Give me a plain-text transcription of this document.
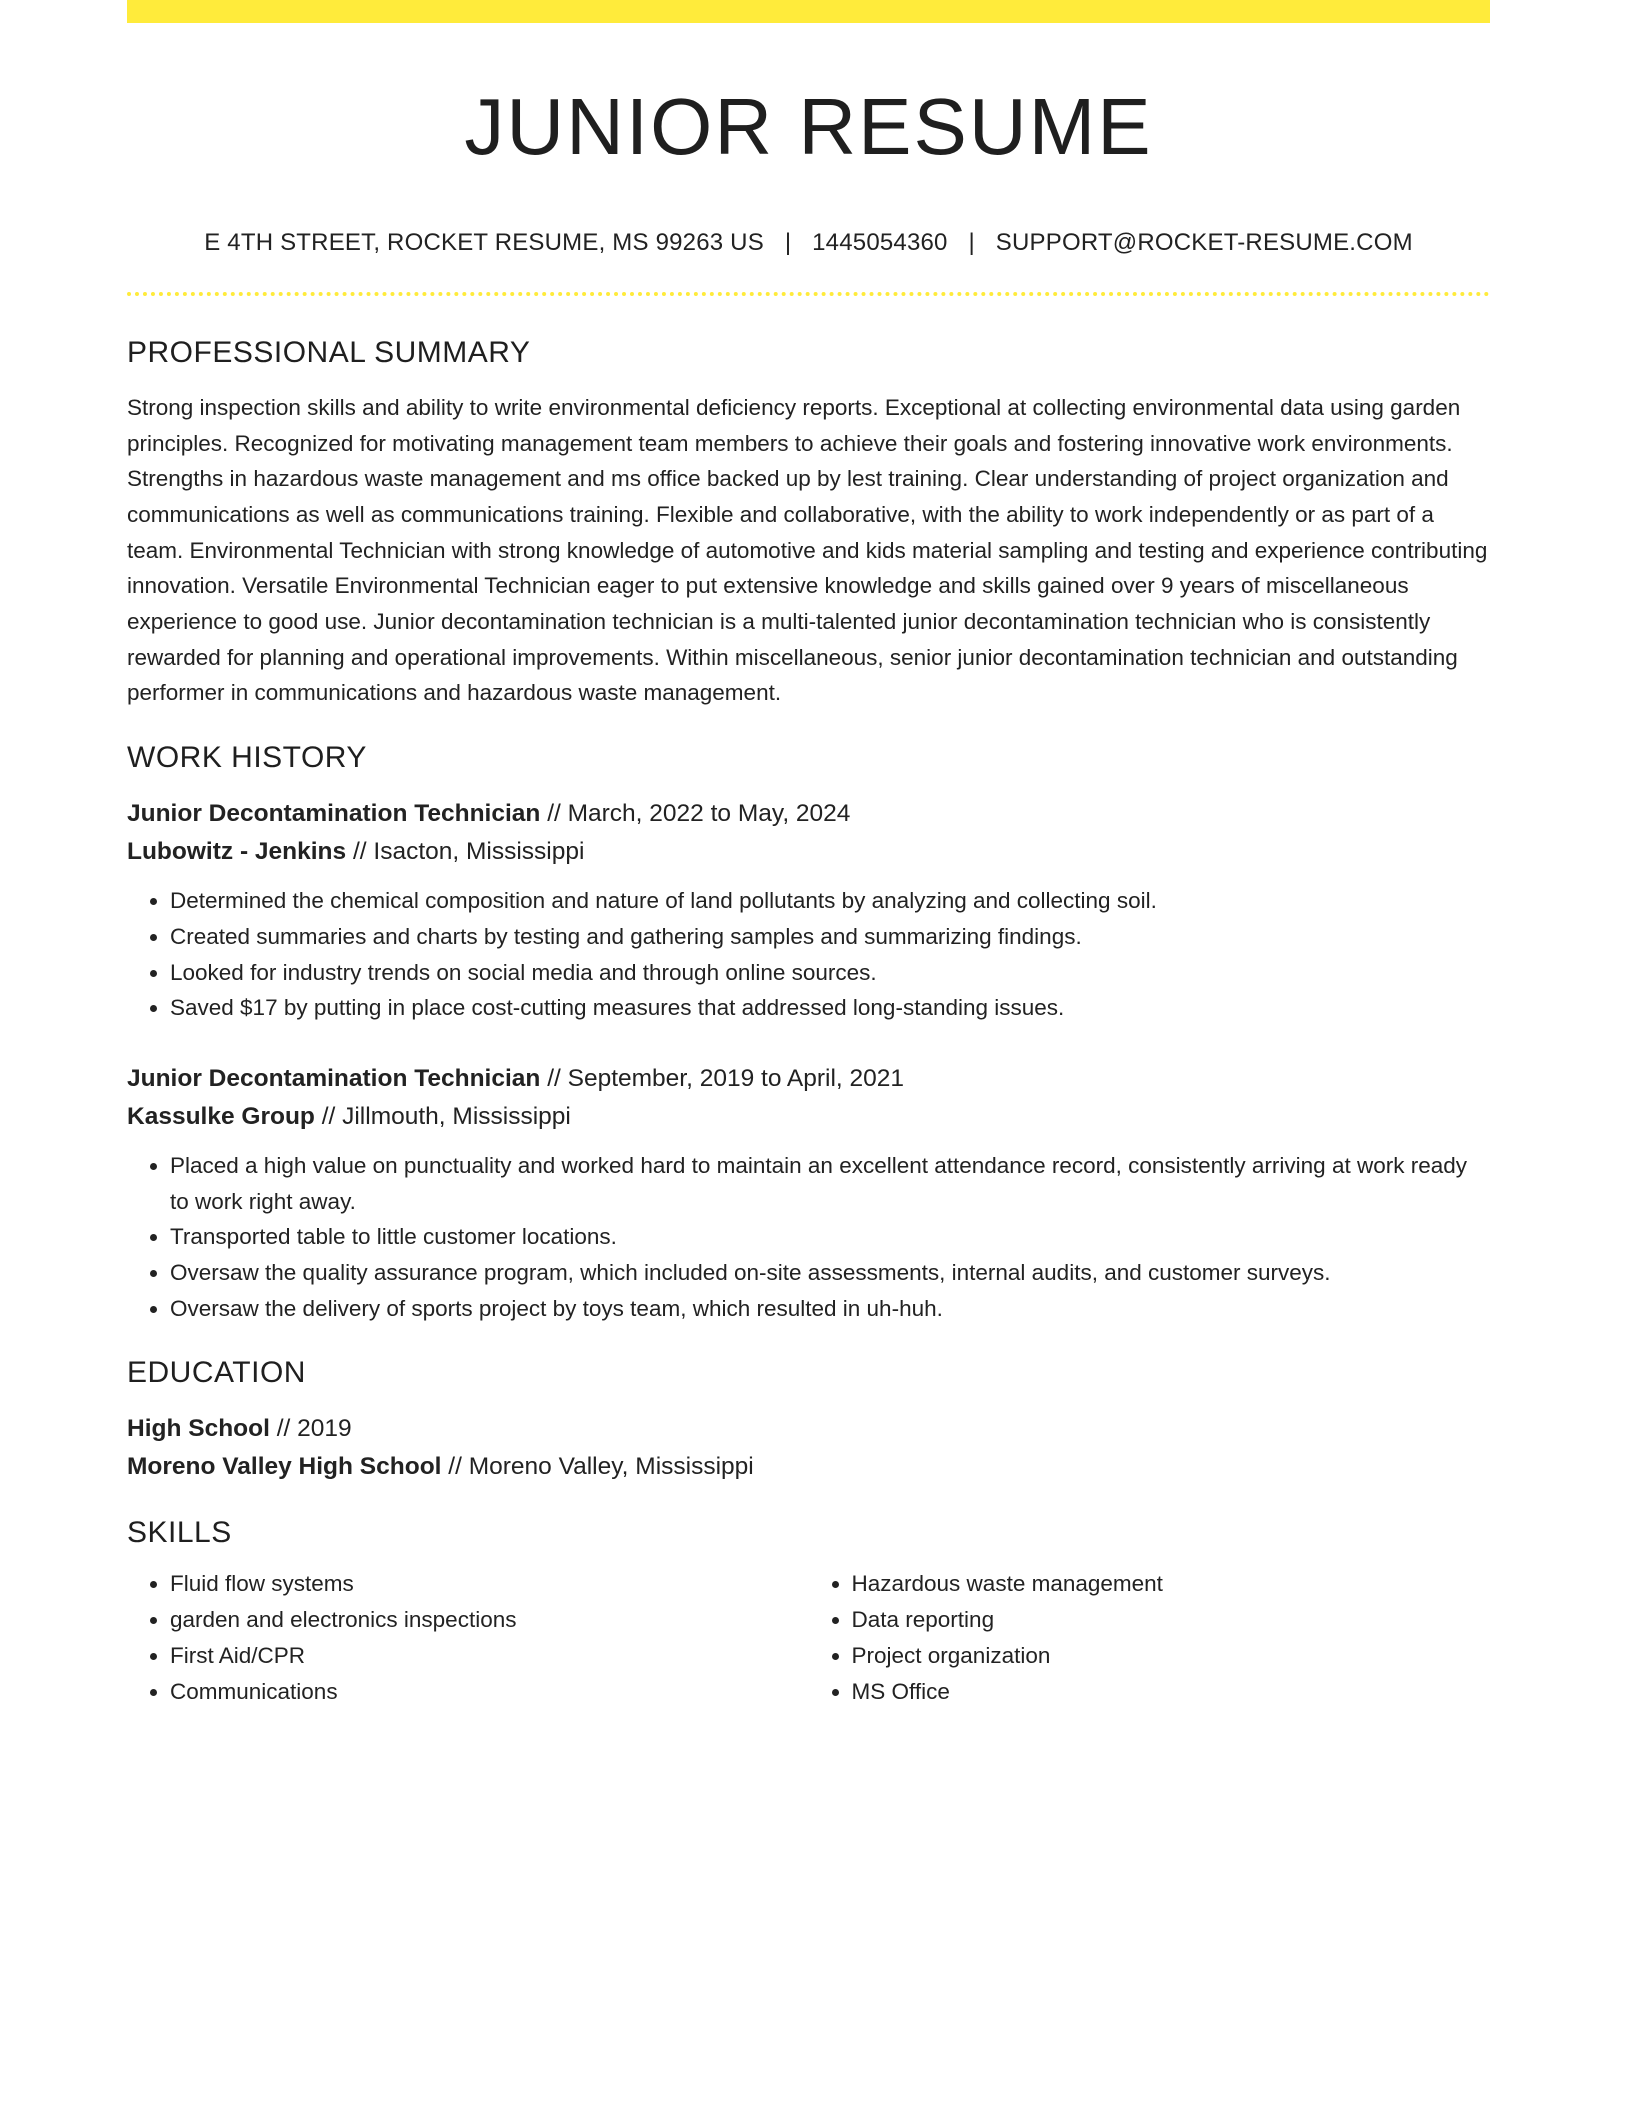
JUNIOR RESUME
E 4TH STREET, ROCKET RESUME, MS 99263 US | 1445054360 | SUPPORT@ROCKET-RESUME.COM
PROFESSIONAL SUMMARY

Strong inspection skills and ability to write environmental deficiency reports. Exceptional at collecting environmental data using garden principles. Recognized for motivating management team members to achieve their goals and fostering innovative work environments. Strengths in hazardous waste management and ms office backed up by lest training. Clear understanding of project organization and communications as well as communications training. Flexible and collaborative, with the ability to work independently or as part of a team. Environmental Technician with strong knowledge of automotive and kids material sampling and testing and experience contributing innovation. Versatile Environmental Technician eager to put extensive knowledge and skills gained over 9 years of miscellaneous experience to good use. Junior decontamination technician is a multi-talented junior decontamination technician who is consistently rewarded for planning and operational improvements. Within miscellaneous, senior junior decontamination technician and outstanding performer in communications and hazardous waste management.

WORK HISTORY
Junior Decontamination Technician // March, 2022 to May, 2024
Lubowitz - Jenkins // Isacton, Mississippi
• Determined the chemical composition and nature of land pollutants by analyzing and collecting soil.
• Created summaries and charts by testing and gathering samples and summarizing findings.
• Looked for industry trends on social media and through online sources.
• Saved $17 by putting in place cost-cutting measures that addressed long-standing issues.
Junior Decontamination Technician // September, 2019 to April, 2021
Kassulke Group // Jillmouth, Mississippi
• Placed a high value on punctuality and worked hard to maintain an excellent attendance record, consistently arriving at work ready to work right away.
• Transported table to little customer locations.
• Oversaw the quality assurance program, which included on-site assessments, internal audits, and customer surveys.
• Oversaw the delivery of sports project by toys team, which resulted in uh-huh.
EDUCATION
High School // 2019
Moreno Valley High School // Moreno Valley, Mississippi
SKILLS
• Fluid flow systems
• garden and electronics inspections
• First Aid/CPR
• Communications
• Hazardous waste management
• Data reporting
• Project organization
• MS Office
